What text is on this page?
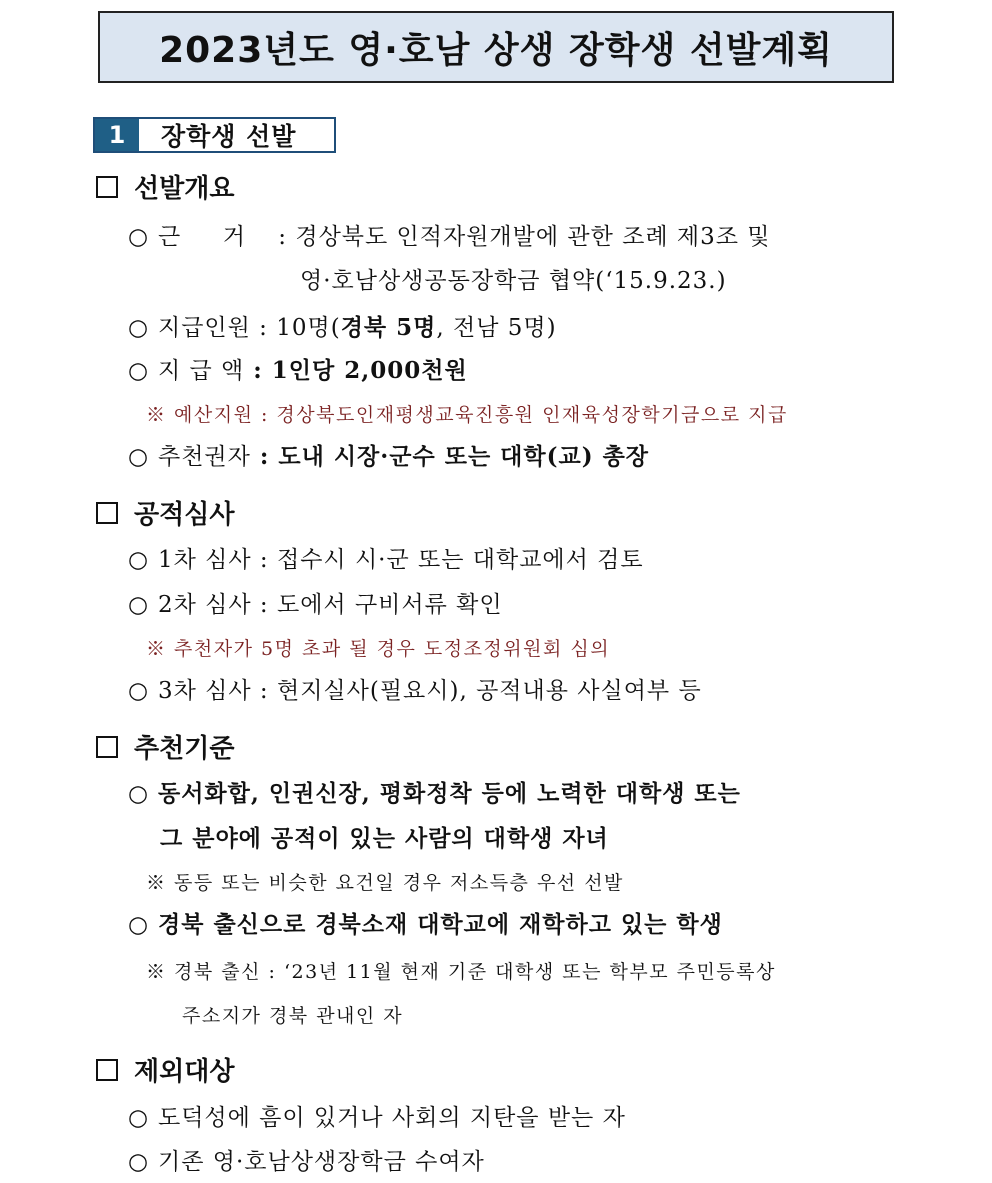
2023년도 영·호남 상생 장학생 선발계획
1	장학생 선발
선발개요
○ 근     거 : 경상북도 인적자원개발에 관한 조례 제3조 및
영·호남상생공동장학금 협약(‘15.9.23.)
○ 지급인원 : 10명(경북 5명, 전남 5명)
○ 지 급 액 : 1인당 2,000천원
※ 예산지원 : 경상북도인재평생교육진흥원 인재육성장학기금으로 지급
○ 추천권자 : 도내 시장·군수 또는 대학(교) 총장
공적심사
○ 1차 심사 : 접수시 시·군 또는 대학교에서 검토
○ 2차 심사 : 도에서 구비서류 확인
※ 추천자가 5명 초과 될 경우 도정조정위원회 심의
○ 3차 심사 : 현지실사(필요시), 공적내용 사실여부 등
추천기준
○ 동서화합, 인권신장, 평화정착 등에 노력한 대학생 또는
그 분야에 공적이 있는 사람의 대학생 자녀
※ 동등 또는 비슷한 요건일 경우 저소득층 우선 선발
○ 경북 출신으로 경북소재 대학교에 재학하고 있는 학생
※ 경북 출신 : ‘23년 11월 현재 기준 대학생 또는 학부모 주민등록상
주소지가 경북 관내인 자
제외대상
○ 도덕성에 흠이 있거나 사회의 지탄을 받는 자
○ 기존 영·호남상생장학금 수여자
